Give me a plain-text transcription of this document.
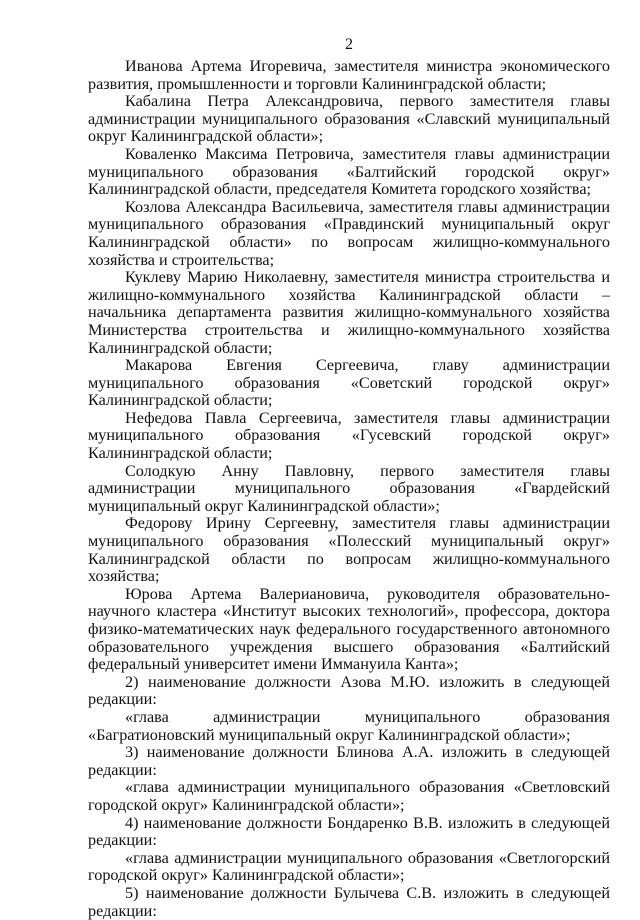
2

Иванова Артема Игоревича, заместителя министра экономического развития, промышленности и торговли Калининградской области;

Кабалина Петра Александровича, первого заместителя главы администрации муниципального образования «Славский муниципальный округ Калининградской области»;

Коваленко Максима Петровича, заместителя главы администрации муниципального образования «Балтийский городской округ» Калининградской области, председателя Комитета городского хозяйства;

Козлова Александра Васильевича, заместителя главы администрации муниципального образования «Правдинский муниципальный округ Калининградской области» по вопросам жилищно-коммунального хозяйства и строительства;

Куклеву Марию Николаевну, заместителя министра строительства и жилищно-коммунального хозяйства Калининградской области – начальника департамента развития жилищно-коммунального хозяйства Министерства строительства и жилищно-коммунального хозяйства Калининградской области;

Макарова Евгения Сергеевича, главу администрации муниципального образования «Советский городской округ» Калининградской области;

Нефедова Павла Сергеевича, заместителя главы администрации муниципального образования «Гусевский городской округ» Калининградской области;

Солодкую Анну Павловну, первого заместителя главы администрации муниципального образования «Гвардейский муниципальный округ Калининградской области»;

Федорову Ирину Сергеевну, заместителя главы администрации муниципального образования «Полесский муниципальный округ» Калининградской области по вопросам жилищно-коммунального хозяйства;

Юрова Артема Валериановича, руководителя образовательно-научного кластера «Институт высоких технологий», профессора, доктора физико-математических наук федерального государственного автономного образовательного учреждения высшего образования «Балтийский федеральный университет имени Иммануила Канта»;

2) наименование должности Азова М.Ю. изложить в следующей редакции:

«глава администрации муниципального образования «Багратионовский муниципальный округ Калининградской области»;

3) наименование должности Блинова А.А. изложить в следующей редакции:

«глава администрации муниципального образования «Светловский городской округ» Калининградской области»;

4) наименование должности Бондаренко В.В. изложить в следующей редакции:

«глава администрации муниципального образования «Светлогорский городской округ» Калининградской области»;

5) наименование должности Булычева С.В. изложить в следующей редакции:
